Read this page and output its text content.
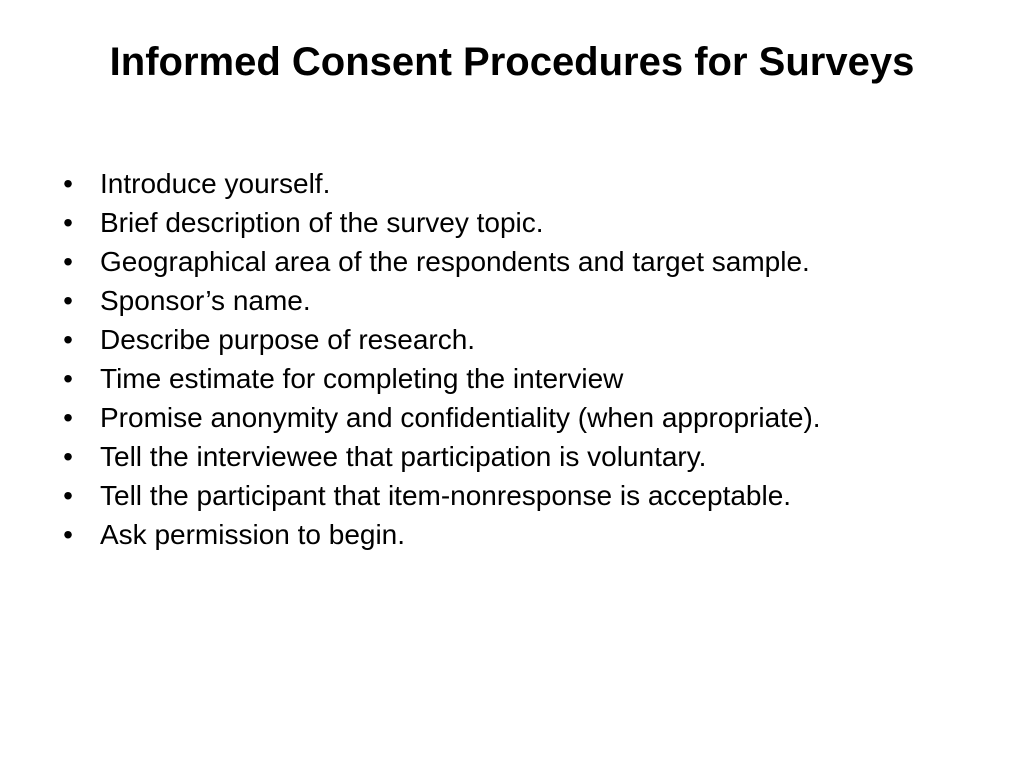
Informed Consent Procedures for Surveys
• Introduce yourself.
• Brief description of the survey topic.
• Geographical area of the respondents and target sample.
• Sponsor’s name.
• Describe purpose of research.
• Time estimate for completing the interview
• Promise anonymity and confidentiality (when appropriate).
• Tell the interviewee that participation is voluntary.
• Tell the participant that item-nonresponse is acceptable.
• Ask permission to begin.
